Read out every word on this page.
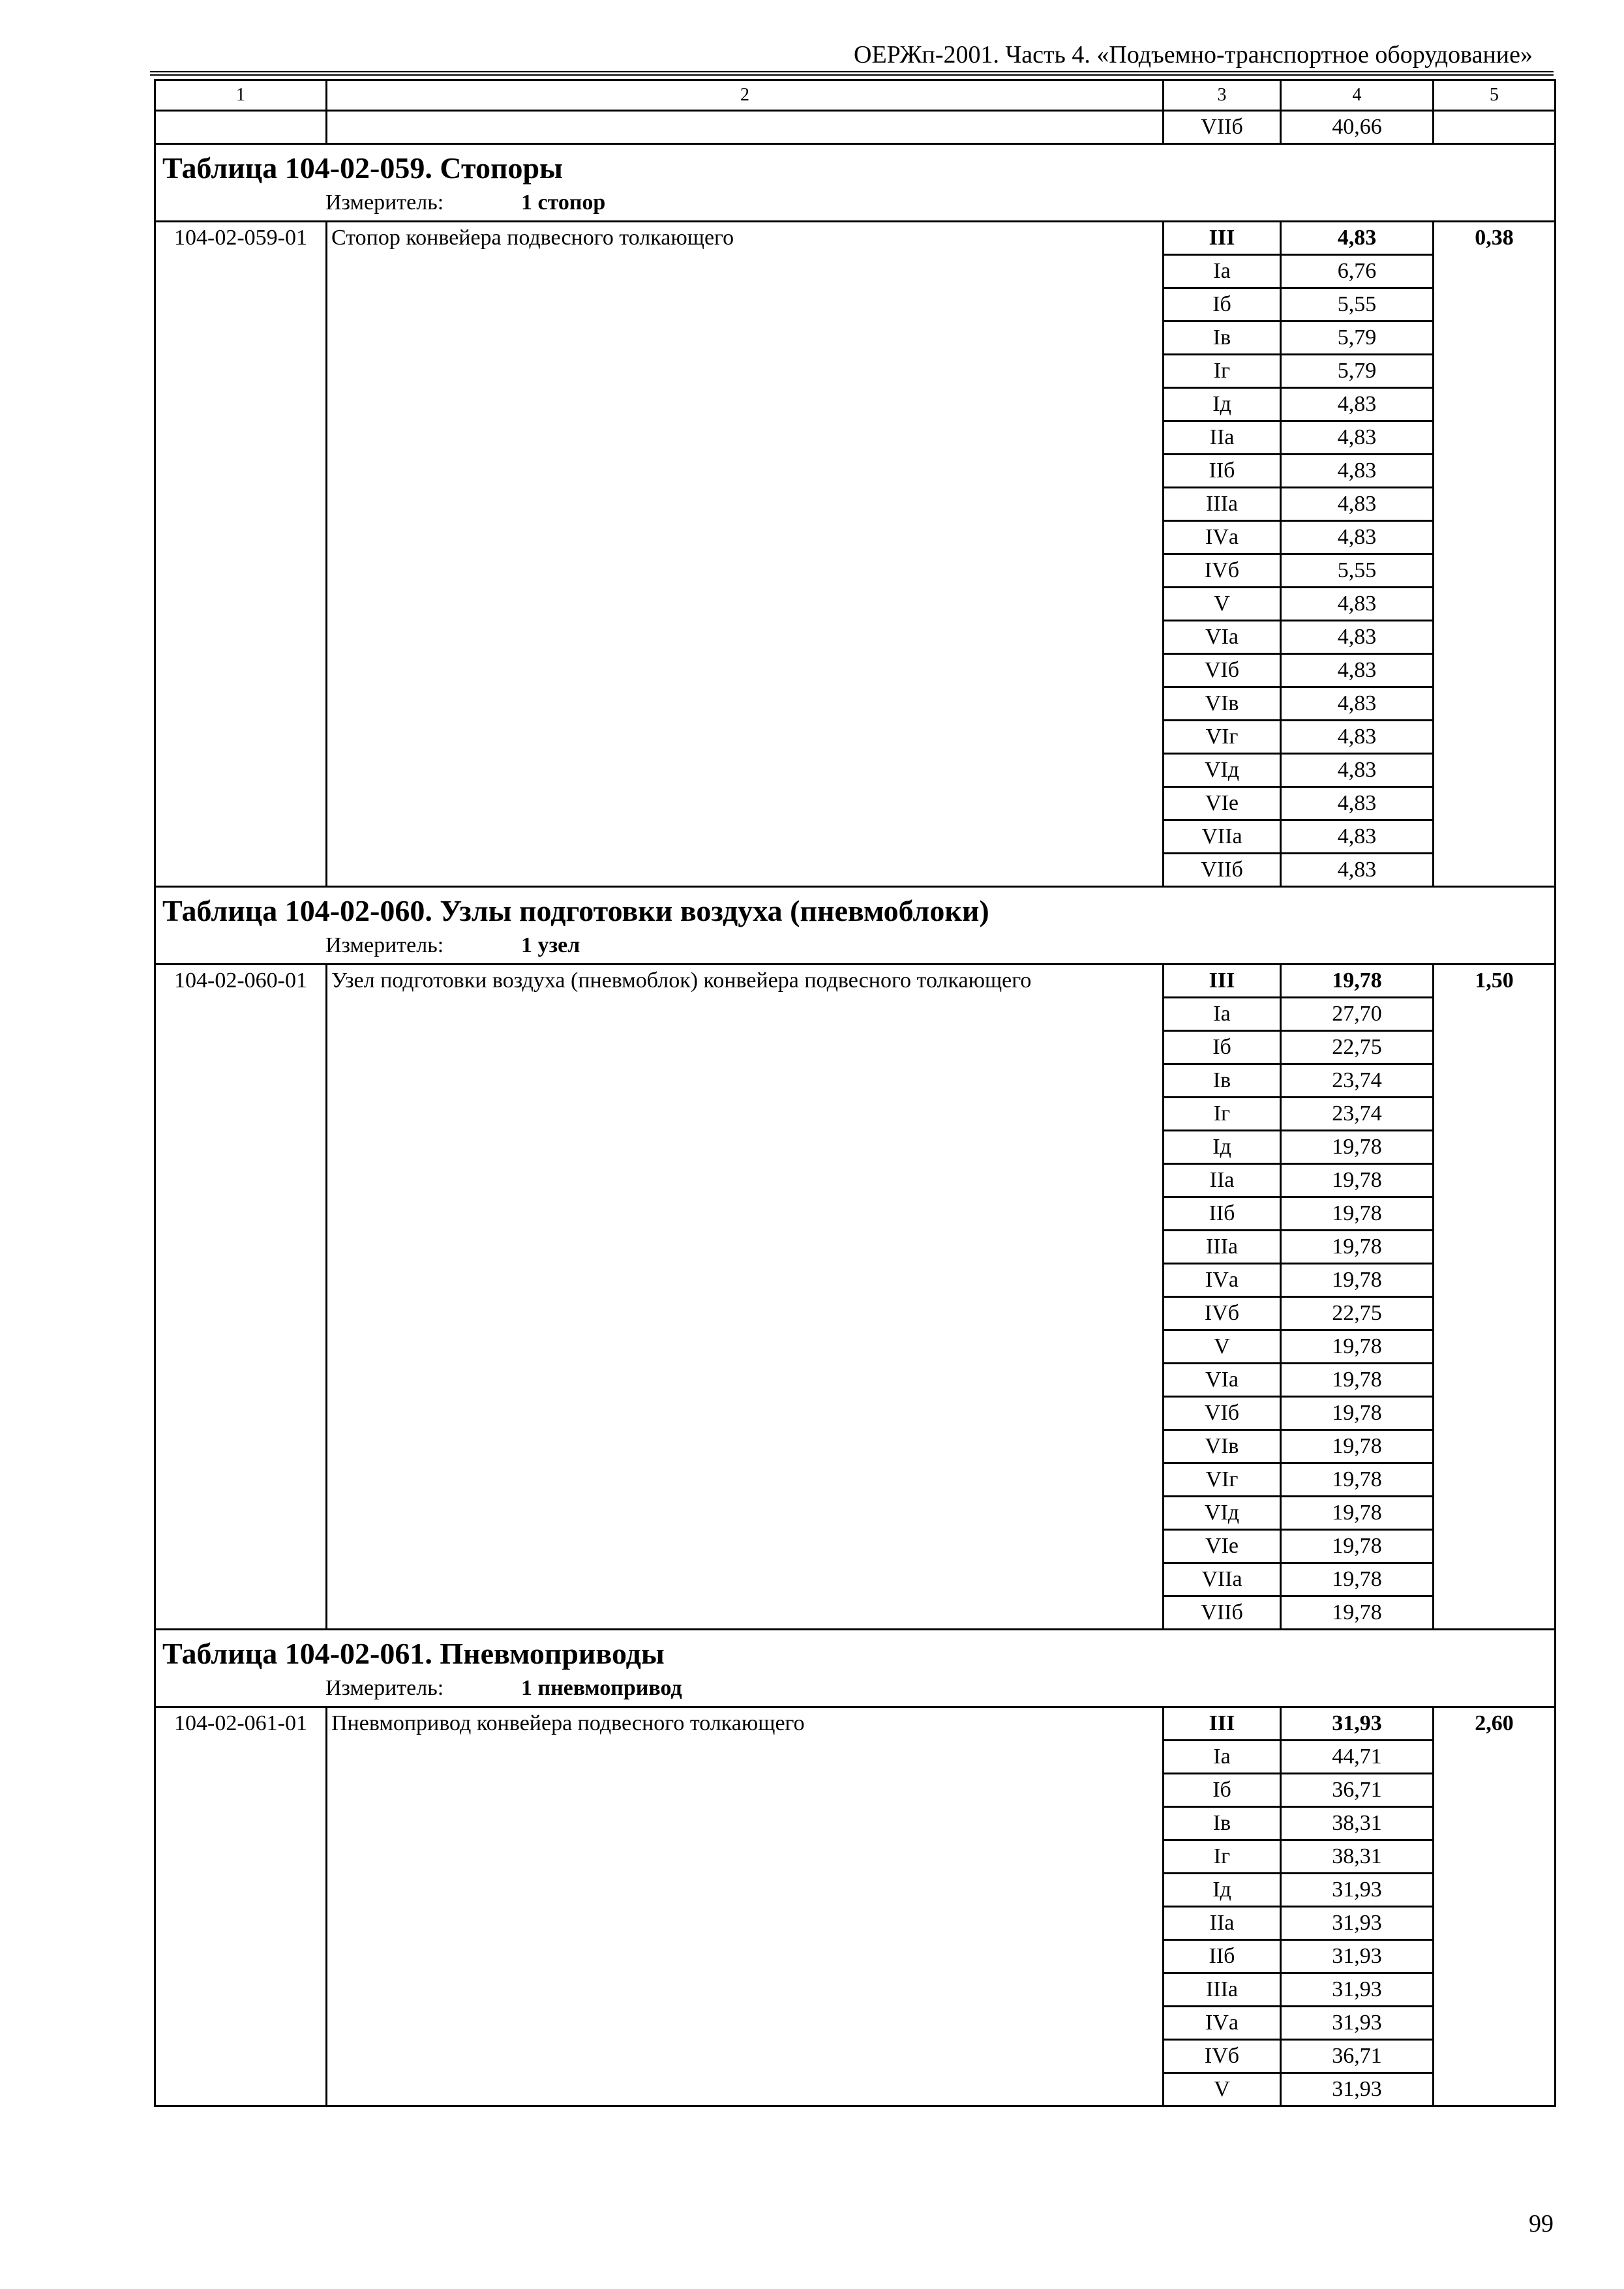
ОЕРЖп-2001. Часть 4. «Подъемно-транспортное оборудование»
1	2	3	4	5
		VIIб	40,66	

Таблица 104-02-059. Стопоры
Измеритель: 1 стопор				

104-02-059-01	Стопор конвейера подвесного толкающего	III	4,83	0,38
		Iа	6,76	
		Iб	5,55	
		Iв	5,79	
		Iг	5,79	
		Iд	4,83	
		IIа	4,83	
		IIб	4,83	
		IIIа	4,83	
		IVа	4,83	
		IVб	5,55	
		V	4,83	
		VIа	4,83	
		VIб	4,83	
		VIв	4,83	
		VIг	4,83	
		VIд	4,83	
		VIе	4,83	
		VIIа	4,83	
		VIIб	4,83	

Таблица 104-02-060. Узлы подготовки воздуха (пневмоблоки)
Измеритель: 1 узел				

104-02-060-01	Узел подготовки воздуха (пневмоблок) конвейера подвесного толкающего	III	19,78	1,50
		Iа	27,70	
		Iб	22,75	
		Iв	23,74	
		Iг	23,74	
		Iд	19,78	
		IIа	19,78	
		IIб	19,78	
		IIIа	19,78	
		IVа	19,78	
		IVб	22,75	
		V	19,78	
		VIа	19,78	
		VIб	19,78	
		VIв	19,78	
		VIг	19,78	
		VIд	19,78	
		VIе	19,78	
		VIIа	19,78	
		VIIб	19,78	

Таблица 104-02-061. Пневмоприводы
Измеритель: 1 пневмопривод				

104-02-061-01	Пневмопривод конвейера подвесного толкающего	III	31,93	2,60
		Iа	44,71	
		Iб	36,71	
		Iв	38,31	
		Iг	38,31	
		Iд	31,93	
		IIа	31,93	
		IIб	31,93	
		IIIа	31,93	
		IVа	31,93	
		IVб	36,71	
		V	31,93	
99
